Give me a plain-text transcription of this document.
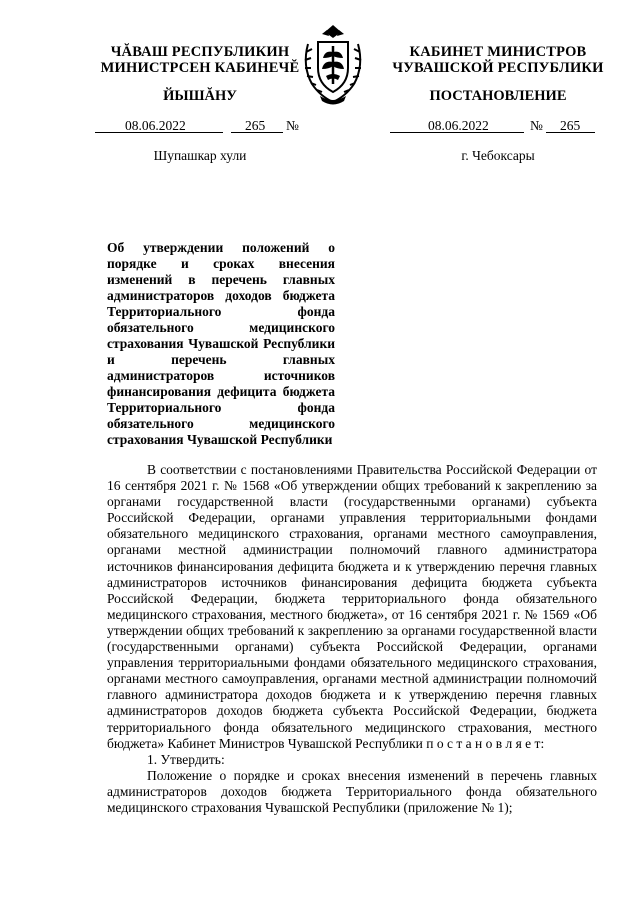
ЧĂВАШ РЕСПУБЛИКИН
МИНИСТРСЕН КАБИНЕЧĔ
ЙЫШĂНУ
08.06.2022	265 №
Шупашкар хули
КАБИНЕТ МИНИСТРОВ
ЧУВАШСКОЙ РЕСПУБЛИКИ
ПОСТАНОВЛЕНИЕ
08.06.2022	№ 265
г. Чебоксары
Об утверждении положений о порядке и сроках внесения изменений в перечень главных администраторов доходов бюджета Территориального фонда обязательного медицинского страхования Чувашской Республики и перечень главных администраторов источников финансирования дефицита бюджета Территориального фонда обязательного медицинского страхования Чувашской Республики

В соответствии с постановлениями Правительства Российской Федерации от 16 сентября 2021 г. № 1568 «Об утверждении общих требований к закреплению за органами государственной власти (государственными органами) субъекта Российской Федерации, органами управления территориальными фондами обязательного медицинского страхования, органами местного самоуправления, органами местной администрации полномочий главного администратора источников финансирования дефицита бюджета и к утверждению перечня главных администраторов источников финансирования дефицита бюджета субъекта Российской Федерации, бюджета территориального фонда обязательного медицинского страхования, местного бюджета», от 16 сентября 2021 г. № 1569 «Об утверждении общих требований к закреплению за органами государственной власти (государственными органами) субъекта Российской Федерации, органами управления территориальными фондами обязательного медицинского страхования, органами местного самоуправления, органами местной администрации полномочий главного администратора доходов бюджета и к утверждению перечня главных администраторов доходов бюджета субъекта Российской Федерации, бюджета территориального фонда обязательного медицинского страхования, местного бюджета» Кабинет Министров Чувашской Республики п о с т а н о в л я е т:

1. Утвердить:

Положение о порядке и сроках внесения изменений в перечень главных администраторов доходов бюджета Территориального фонда обязательного медицинского страхования Чувашской Республики (приложение № 1);
